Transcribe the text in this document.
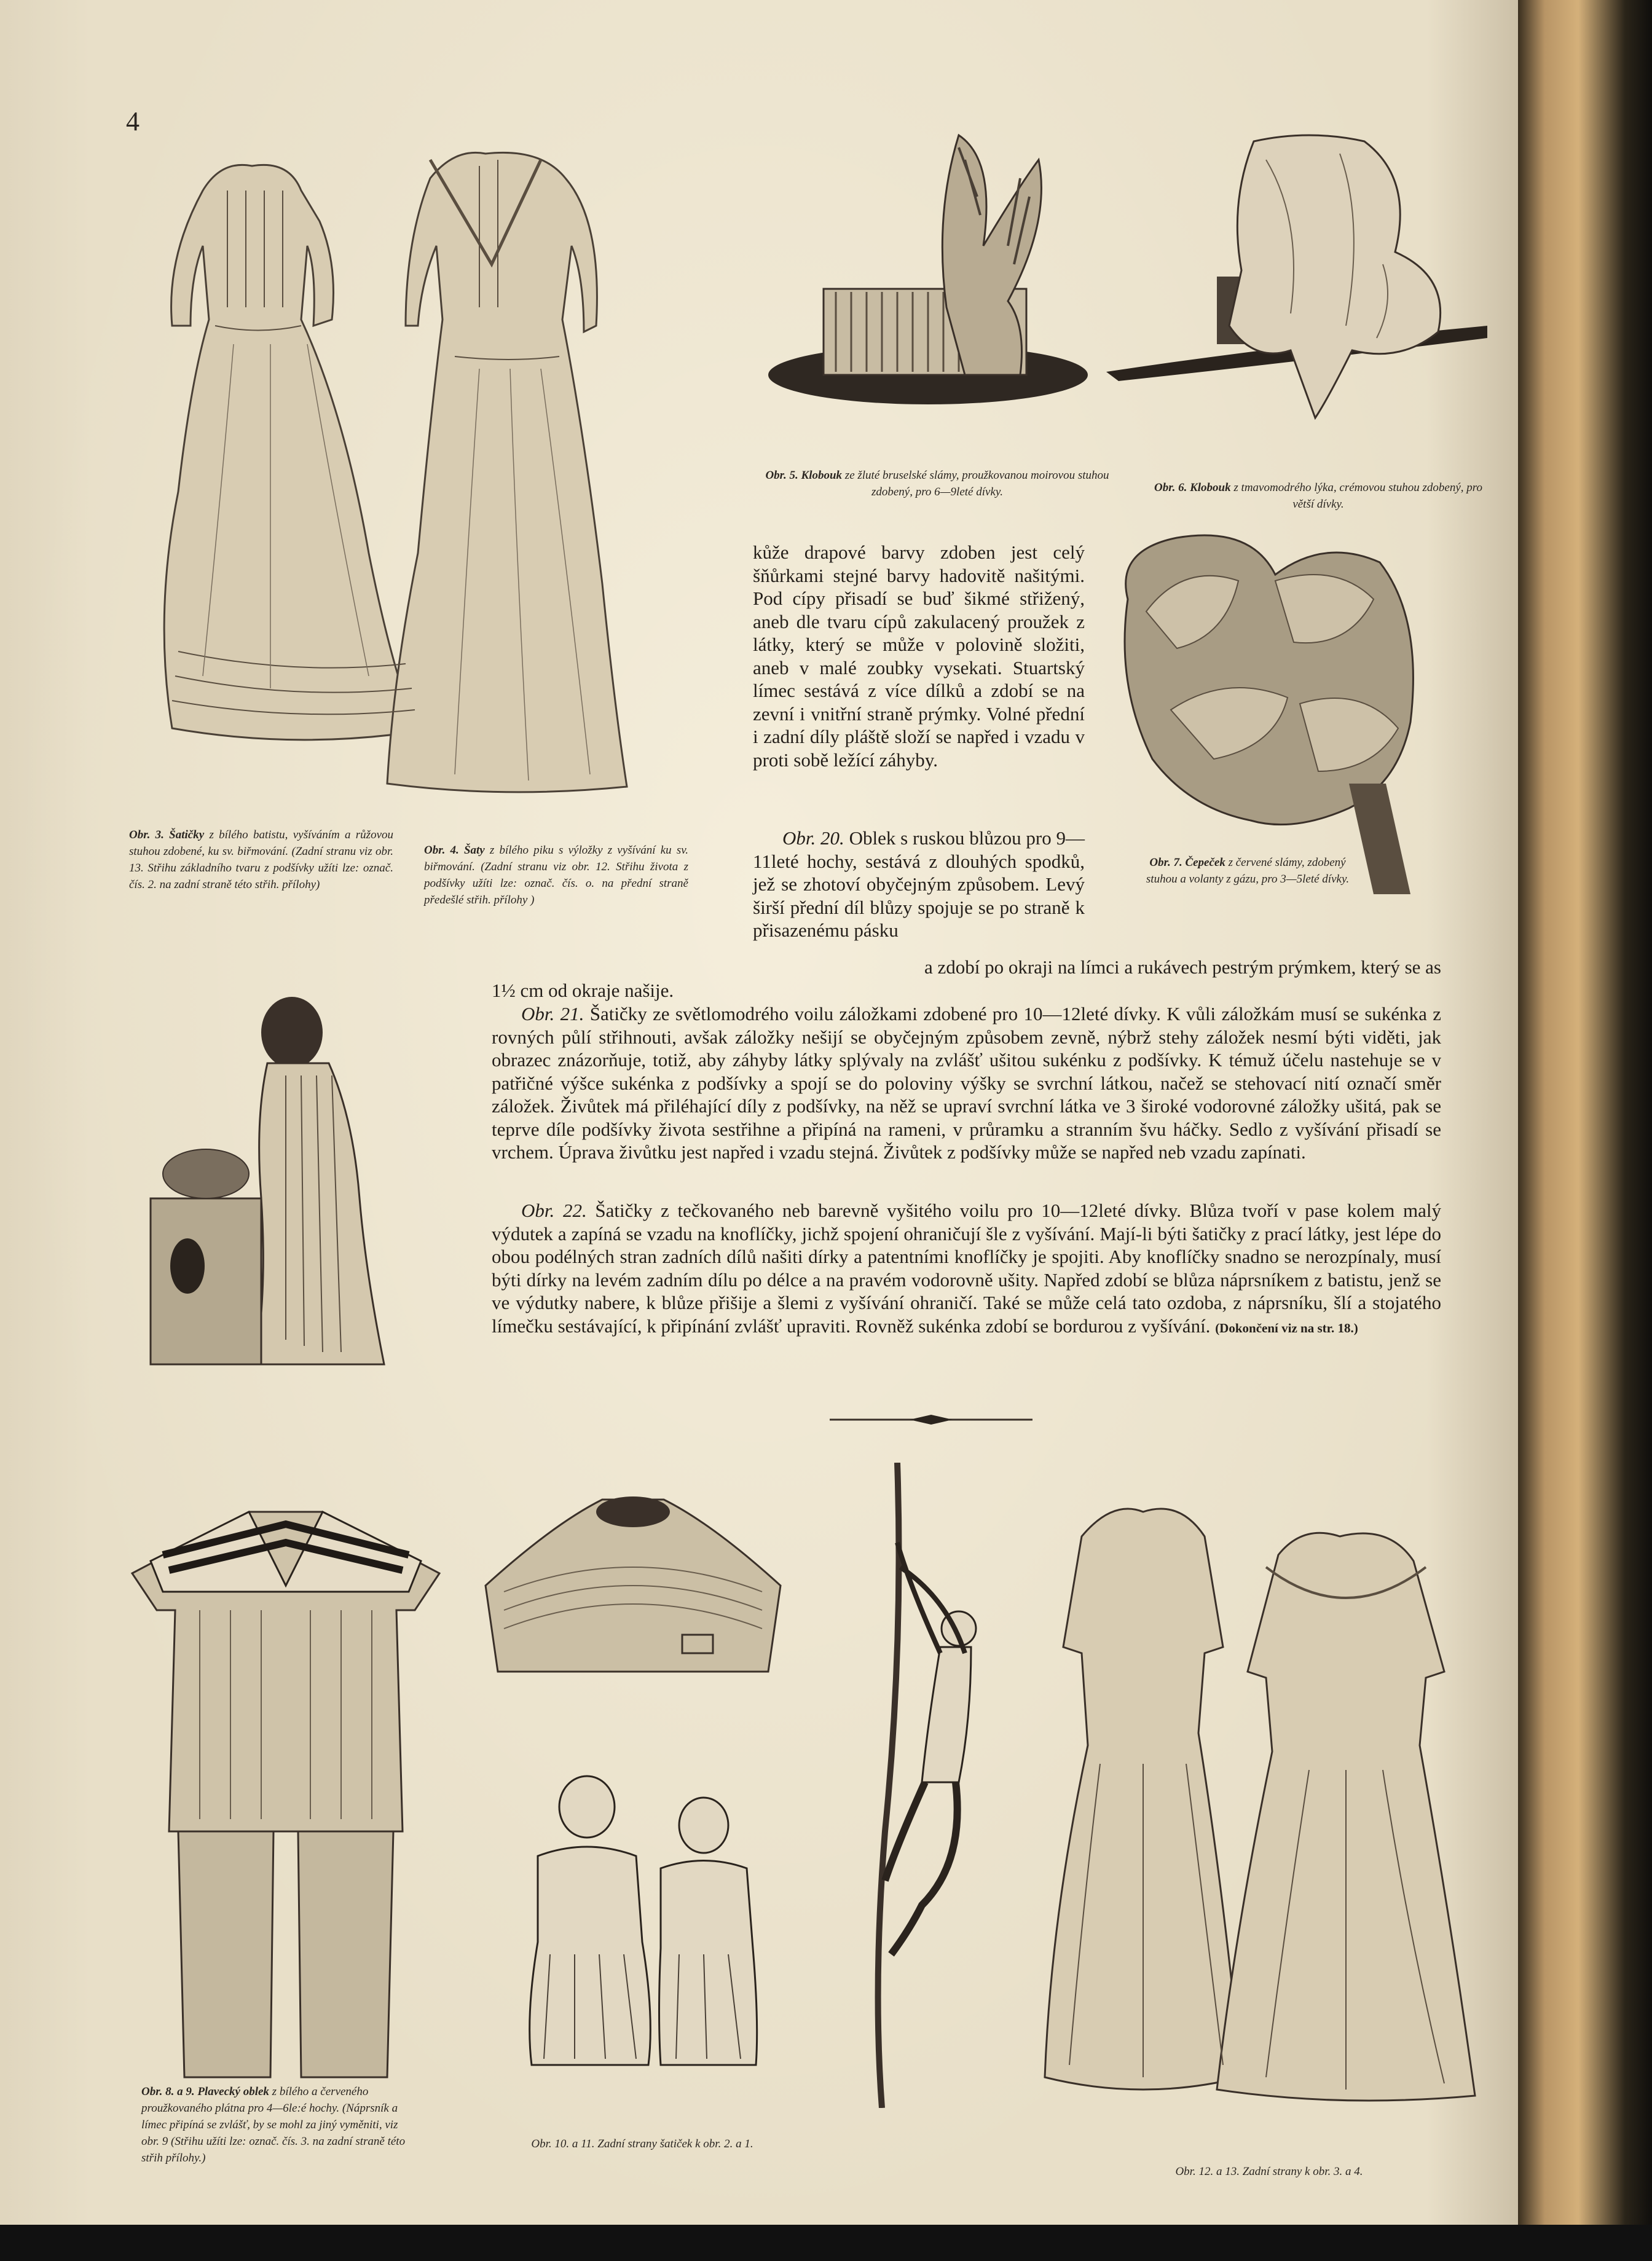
4
Obr. 3. Šatičky z bílého batistu, vyšíváním a růžovou stuhou zdobené, ku sv. biřmování. (Zadní stranu viz obr. 13. Střihu základního tvaru z podšívky užíti lze: označ. čís. 2. na zadní straně této střih. přílohy)
Obr. 4. Šaty z bílého piku s výložky z vyšívání ku sv. biřmování. (Zadní stranu viz obr. 12. Střihu života z podšívky užíti lze: označ. čís. o. na přední straně předešlé střih. přílohy )
Obr. 5. Klobouk ze žluté bruselské slámy, proužkovanou moirovou stuhou zdobený, pro 6—9leté dívky.	Obr. 6. Klobouk z tmavomodrého lýka, crémovou stuhou zdobený, pro větší dívky.
Obr. 7. Čepeček z červené slámy, zdobený stuhou a volanty z gázu, pro 3—5leté dívky.
Obr. 8. a 9. Plavecký oblek z bílého a červeného proužkovaného plátna pro 4—6le:é hochy. (Náprsník a límec připíná se zvlášť, by se mohl za jiný vyměniti, viz obr. 9 (Střihu užíti lze: označ. čís. 3. na zadní straně této střih přílohy.)
Obr. 10. a 11. Zadní strany šatiček k obr. 2. a 1.
Obr. 12. a 13. Zadní strany k obr. 3. a 4.

kůže drapové barvy zdoben jest celý šňůrkami stejné barvy hadovitě našitými. Pod cípy přisadí se buď šikmé střižený, aneb dle tvaru cípů zakulacený proužek z látky, který se může v polovině složiti, aneb v malé zoubky vysekati. Stuartský límec sestává z více dílků a zdobí se na zevní i vnitřní straně prýmky. Volné přední i zadní díly pláště složí se napřed i vzadu v proti sobě ležící záhyby.

Obr. 20. Oblek s ruskou blůzou pro 9—11leté hochy, sestává z dlouhých spodků, jež se zhotoví obyčejným způsobem. Levý širší přední díl blůzy spojuje se po straně k přisazenému pásku

a zdobí po okraji na límci a rukávech pestrým prýmkem, který se as

1½ cm od okraje našije.

Obr. 21. Šatičky ze světlomodrého voilu záložkami zdobené pro 10—12leté dívky. K vůli záložkám musí se sukénka z rovných půlí střihnouti, avšak záložky nešijí se obyčejným způsobem zevně, nýbrž stehy záložek nesmí býti viděti, jak obrazec znázorňuje, totiž, aby záhyby látky splývaly na zvlášť ušitou sukénku z podšívky. K témuž účelu nastehuje se v patřičné výšce sukénka z podšívky a spojí se do poloviny výšky se svrchní látkou, načež se stehovací nití označí směr záložek. Živůtek má přiléhající díly z podšívky, na něž se upraví svrchní látka ve 3 široké vodorovné záložky ušitá, pak se teprve díle podšívky života sestřihne a připíná na rameni, v průramku a stranním švu háčky. Sedlo z vyšívání přisadí se vrchem. Úprava živůtku jest napřed i vzadu stejná. Živůtek z podšívky může se napřed neb vzadu zapínati.

Obr. 22. Šatičky z tečkovaného neb barevně vyšitého voilu pro 10—12leté dívky. Blůza tvoří v pase kolem malý výdutek a zapíná se vzadu na knoflíčky, jichž spojení ohraničují šle z vyšívání. Mají-li býti šatičky z prací látky, jest lépe do obou podélných stran zadních dílů našiti dírky a patentními knoflíčky je spojiti. Aby knoflíčky snadno se nerozpínaly, musí býti dírky na levém zadním dílu po délce a na pravém vodorovně ušity. Napřed zdobí se blůza náprsníkem z batistu, jenž se ve výdutky nabere, k blůze přišije a šlemi z vyšívání ohraničí. Také se může celá tato ozdoba, z náprsníku, šlí a stojatého límečku sestávající, k připínání zvlášť upraviti. Rovněž sukénka zdobí se bordurou z vyšívání. (Dokončení viz na str. 18.)
